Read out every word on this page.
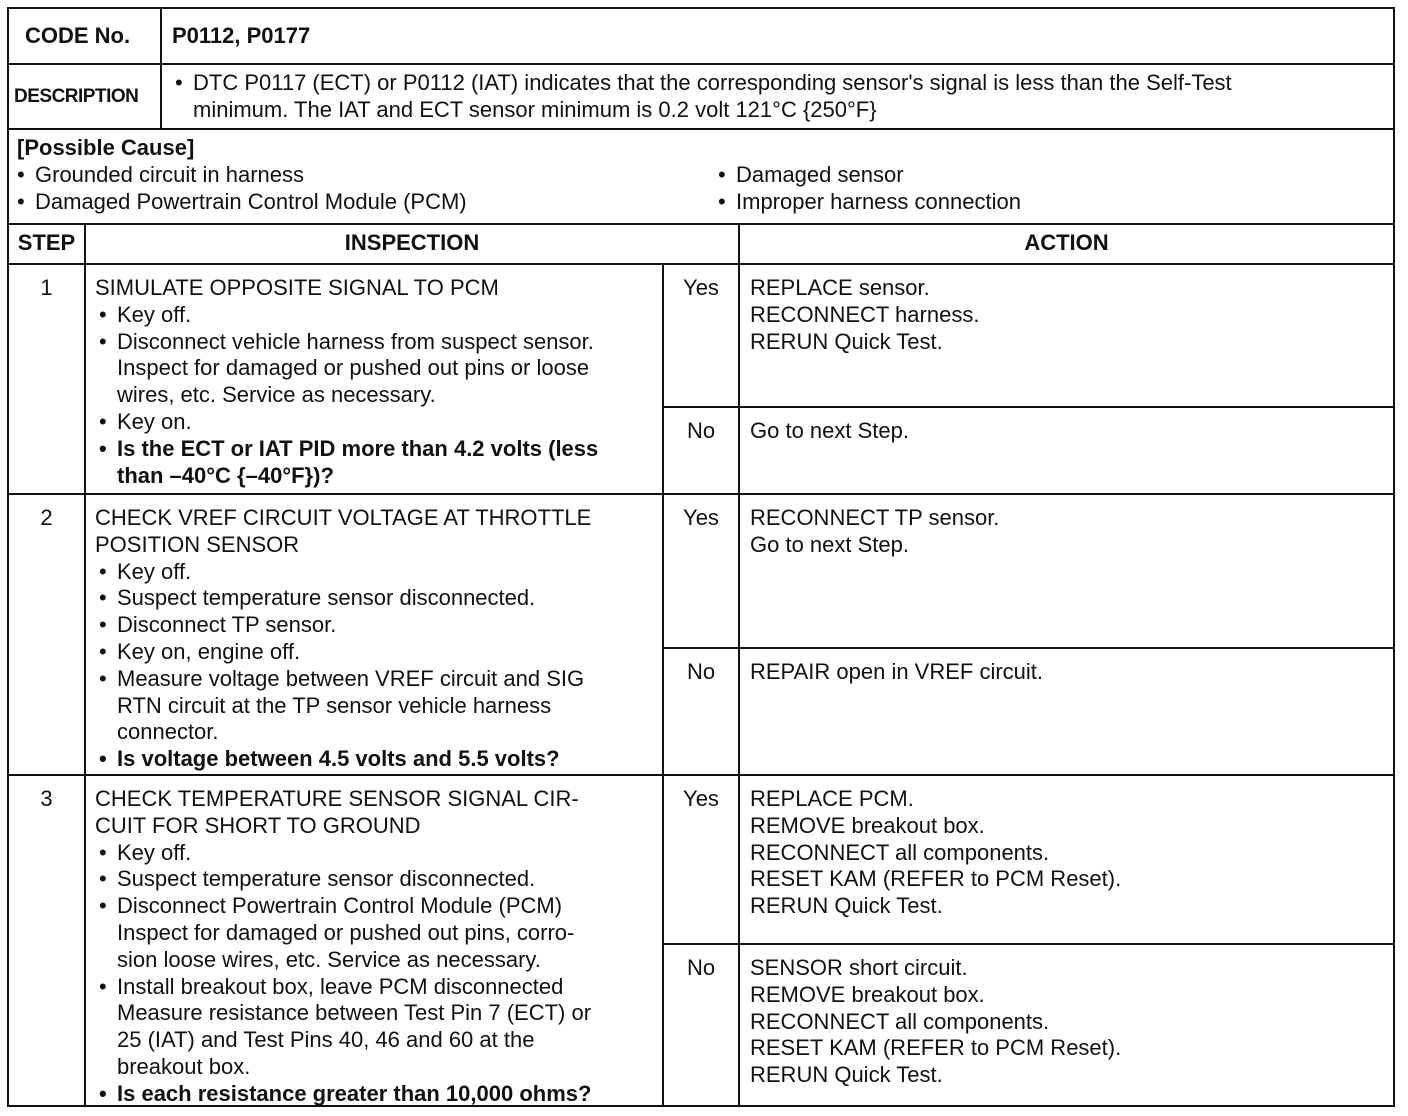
CODE No. P0112, P0177
DESCRIPTION
• DTC P0117 (ECT) or P0112 (IAT) indicates that the corresponding sensor's signal is less than the Self-Test
minimum. The IAT and ECT sensor minimum is 0.2 volt 121°C {250°F}
[Possible Cause]
• Grounded circuit in harness
• Damaged Powertrain Control Module (PCM)
• Damaged sensor
• Improper harness connection
STEP	INSPECTION	ACTION
1	SIMULATE OPPOSITE SIGNAL TO PCM
• Key off.
• Disconnect vehicle harness from suspect sensor.
Inspect for damaged or pushed out pins or loose
wires, etc. Service as necessary.
• Key on.
• Is the ECT or IAT PID more than 4.2 volts (less
than –40°C {–40°F})?
Yes	REPLACE sensor.
RECONNECT harness.
RERUN Quick Test.
No	Go to next Step.
2	CHECK VREF CIRCUIT VOLTAGE AT THROTTLE
POSITION SENSOR
• Key off.
• Suspect temperature sensor disconnected.
• Disconnect TP sensor.
• Key on, engine off.
• Measure voltage between VREF circuit and SIG
RTN circuit at the TP sensor vehicle harness
connector.
• Is voltage between 4.5 volts and 5.5 volts?
Yes	RECONNECT TP sensor.
Go to next Step.
No	REPAIR open in VREF circuit.
3	CHECK TEMPERATURE SENSOR SIGNAL CIR-
CUIT FOR SHORT TO GROUND
• Key off.
• Suspect temperature sensor disconnected.
• Disconnect Powertrain Control Module (PCM)
Inspect for damaged or pushed out pins, corro-
sion loose wires, etc. Service as necessary.
• Install breakout box, leave PCM disconnected
Measure resistance between Test Pin 7 (ECT) or
25 (IAT) and Test Pins 40, 46 and 60 at the
breakout box.
• Is each resistance greater than 10,000 ohms?
Yes	REPLACE PCM.
REMOVE breakout box.
RECONNECT all components.
RESET KAM (REFER to PCM Reset).
RERUN Quick Test.
No	SENSOR short circuit.
REMOVE breakout box.
RECONNECT all components.
RESET KAM (REFER to PCM Reset).
RERUN Quick Test.
